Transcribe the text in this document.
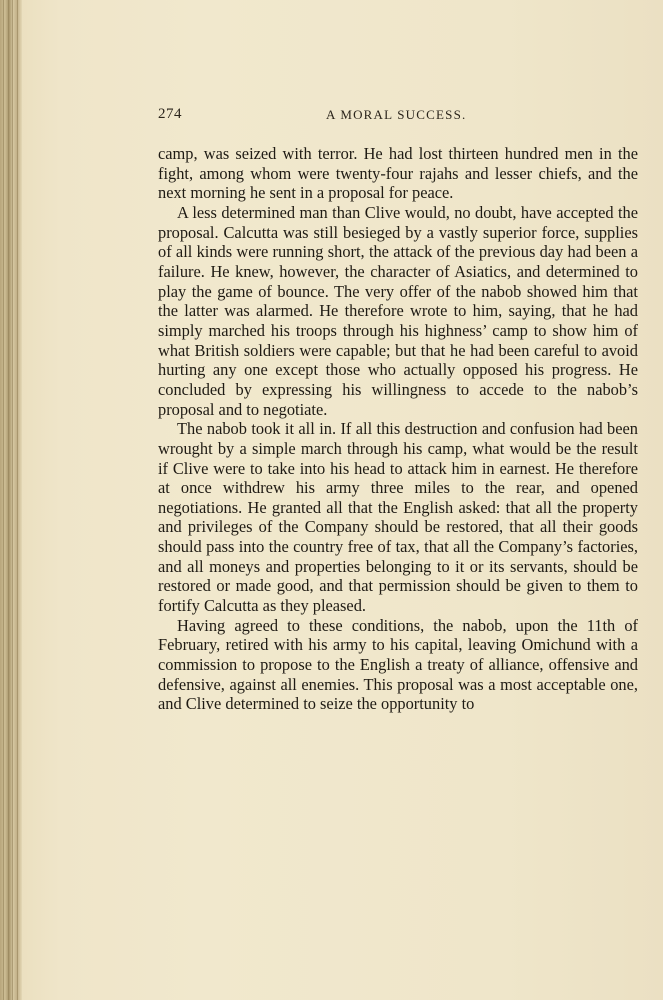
274	A MORAL SUCCESS.

camp, was seized with terror. He had lost thirteen hundred men in the fight, among whom were twenty-four rajahs and lesser chiefs, and the next morning he sent in a proposal for peace.

A less determined man than Clive would, no doubt, have accepted the proposal. Calcutta was still besieged by a vastly superior force, supplies of all kinds were running short, the attack of the previous day had been a failure. He knew, however, the character of Asiatics, and determined to play the game of bounce. The very offer of the nabob showed him that the latter was alarmed. He therefore wrote to him, saying, that he had simply marched his troops through his highness’ camp to show him of what British soldiers were capable; but that he had been careful to avoid hurting any one except those who actually opposed his progress. He concluded by expressing his willingness to accede to the nabob’s proposal and to negotiate.

The nabob took it all in. If all this destruction and confusion had been wrought by a simple march through his camp, what would be the result if Clive were to take into his head to attack him in earnest. He therefore at once withdrew his army three miles to the rear, and opened negotiations. He granted all that the English asked: that all the property and privileges of the Company should be restored, that all their goods should pass into the country free of tax, that all the Company’s factories, and all moneys and properties belonging to it or its servants, should be restored or made good, and that permission should be given to them to fortify Calcutta as they pleased.

Having agreed to these conditions, the nabob, upon the 11th of February, retired with his army to his capital, leaving Omichund with a commission to propose to the English a treaty of alliance, offensive and defensive, against all enemies. This proposal was a most acceptable one, and Clive determined to seize the opportunity to
